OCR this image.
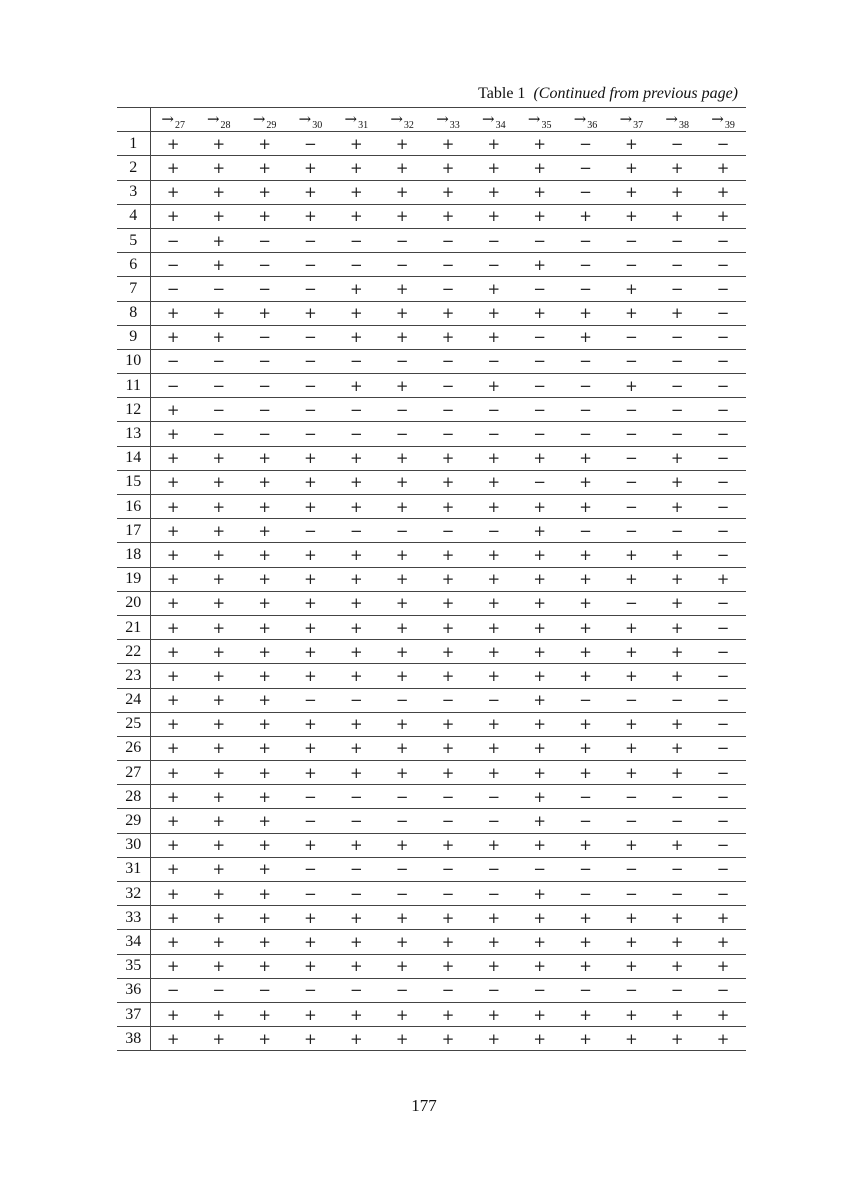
Table 1 (Continued from previous page)
	$\to_{27}$	$\to_{28}$	$\to_{29}$	$\to_{30}$	$\to_{31}$	$\to_{32}$	$\to_{33}$	$\to_{34}$	$\to_{35}$	$\to_{36}$	$\to_{37}$	$\to_{38}$	$\to_{39}$
1	+	+	+	−	+	+	+	+	+	−	+	−	−
2	+	+	+	+	+	+	+	+	+	−	+	+	+
3	+	+	+	+	+	+	+	+	+	−	+	+	+
4	+	+	+	+	+	+	+	+	+	+	+	+	+
5	−	+	−	−	−	−	−	−	−	−	−	−	−
6	−	+	−	−	−	−	−	−	+	−	−	−	−
7	−	−	−	−	+	+	−	+	−	−	+	−	−
8	+	+	+	+	+	+	+	+	+	+	+	+	−
9	+	+	−	−	+	+	+	+	−	+	−	−	−
10	−	−	−	−	−	−	−	−	−	−	−	−	−
11	−	−	−	−	+	+	−	+	−	−	+	−	−
12	+	−	−	−	−	−	−	−	−	−	−	−	−
13	+	−	−	−	−	−	−	−	−	−	−	−	−
14	+	+	+	+	+	+	+	+	+	+	−	+	−
15	+	+	+	+	+	+	+	+	−	+	−	+	−
16	+	+	+	+	+	+	+	+	+	+	−	+	−
17	+	+	+	−	−	−	−	−	+	−	−	−	−
18	+	+	+	+	+	+	+	+	+	+	+	+	−
19	+	+	+	+	+	+	+	+	+	+	+	+	+
20	+	+	+	+	+	+	+	+	+	+	−	+	−
21	+	+	+	+	+	+	+	+	+	+	+	+	−
22	+	+	+	+	+	+	+	+	+	+	+	+	−
23	+	+	+	+	+	+	+	+	+	+	+	+	−
24	+	+	+	−	−	−	−	−	+	−	−	−	−
25	+	+	+	+	+	+	+	+	+	+	+	+	−
26	+	+	+	+	+	+	+	+	+	+	+	+	−
27	+	+	+	+	+	+	+	+	+	+	+	+	−
28	+	+	+	−	−	−	−	−	+	−	−	−	−
29	+	+	+	−	−	−	−	−	+	−	−	−	−
30	+	+	+	+	+	+	+	+	+	+	+	+	−
31	+	+	+	−	−	−	−	−	−	−	−	−	−
32	+	+	+	−	−	−	−	−	+	−	−	−	−
33	+	+	+	+	+	+	+	+	+	+	+	+	+
34	+	+	+	+	+	+	+	+	+	+	+	+	+
35	+	+	+	+	+	+	+	+	+	+	+	+	+
36	−	−	−	−	−	−	−	−	−	−	−	−	−
37	+	+	+	+	+	+	+	+	+	+	+	+	+
38	+	+	+	+	+	+	+	+	+	+	+	+	+
177
